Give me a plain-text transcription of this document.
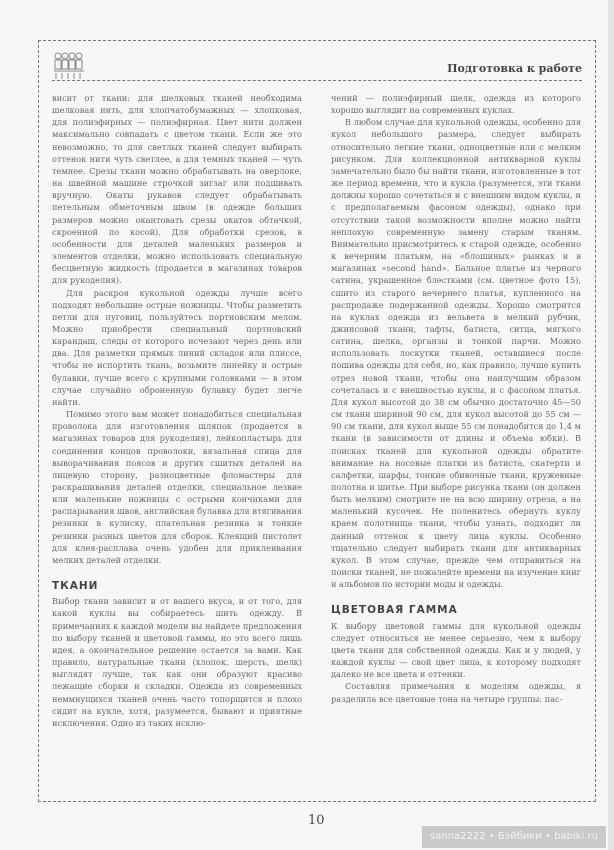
Подготовка к работе

висит от ткани: для шелковых тканей необходима шелковая нить, для хлопчатобумажных — хлопковая, для полиэфирных — полиэфирная. Цвет нити должен максимально совпадать с цветом ткани. Если же это невозможно, то для светлых тканей следует выбирать оттенок нити чуть светлее, а для темных тканей — чуть темнее. Срезы ткани можно обрабатывать на оверлоке, на швейной машине строчкой зигзаг или подшивать вручную. Окаты рукавов следует обрабатывать петельным обметочным швом (в одежде больших размеров можно окантовать срезы окатов обтачкой, скроенной по косой). Для обработки срезов, в особенности для деталей маленьких размеров и элементов отделки, можно использовать специальную бесцветную жидкость (продается в магазинах товаров для рукоделия).

Для раскроя кукольной одежды лучше всего подходят небольшие острые ножницы. Чтобы разметить петли для пуговиц, пользуйтесь портновским мелом. Можно приобрести специальный портновский карандаш, следы от которого исчезают через день или два. Для разметки прямых линий складок или плиссе, чтобы не испортить ткань, возьмите линейку и острые булавки, лучше всего с крупными головками — в этом случае случайно оброненную булавку будет легче найти.

Помимо этого вам может понадобиться специальная проволока для изготовления шляпок (продается в магазинах товаров для рукоделия), лейкопластырь для соединения концов проволоки, вязальная спица для выворачивания поясов и других сшитых деталей на лицевую сторону, разноцветные фломастеры для раскрашивания деталей отделки, специальное лезвие или маленькие ножницы с острыми кончиками для распарывания швов, английская булавка для втягивания резинки в кулиску, плательная резинка и тонкие резинки разных цветов для сборок. Клеящий пистолет для клея-расплава очень удобен для приклеивания мелких деталей отделки.

ТКАНИ

Выбор ткани зависит и от вашего вкуса, и от того, для какой куклы вы собираетесь шить одежду. В примечаниях к каждой модели вы найдете предложения по выбору тканей и цветовой гаммы, но это всего лишь идея, а окончательное решение остается за вами. Как правило, натуральные ткани (хлопок, шерсть, шелк) выглядят лучше, так как они образуют красиво лежащие сборки и складки. Одежда из современных неммнущихся тканей очень часто топорщится и плохо сидит на кукле, хотя, разумеется, бывают и приятные исключения. Одно из таких исклю-

чений — полиэфирный шелк, одежда из которого хорошо выглядит на современных куклах.

В любом случае для кукольной одежды, особенно для кукол небольшого размера, следует выбирать относительно легкие ткани, одноцветные или с мелким рисунком. Для коллекционной антикварной куклы замечательно было бы найти ткани, изготовленные в тот же период времени, что и кукла (разумеется, эти ткани должны хорошо сочетаться и с внешним видом куклы, и с предполагаемым фасоном одежды), однако при отсутствии такой возможности вполне можно найти неплохую современную замену старым тканям. Внимательно присмотритесь к старой одежде, особенно к вечерним платьям, на «блошиных» рынках и в магазинах «second hand». Бальное платье из черного сатина, украшенное блестками (см. цветное фото 15), сшито из старого вечернего платья, купленного на распродаже подержанной одежды. Хорошо смотрится на куклах одежда из вельвета в мелкий рубчик, джинсовой ткани, тафты, батиста, ситца, мягкого сатина, шелка, органзы и тонкой парчи. Можно использовать лоскутки тканей, оставшиеся после пошива одежды для себя, но, как правило, лучше купить отрез новой ткани, чтобы она наилучшим образом сочеталась и с внешностью куклы, и с фасоном платья. Для кукол высотой до 38 см обычно достаточно 45—50 см ткани шириной 90 см, для кукол высотой до 55 см — 90 см ткани, для кукол выше 55 см понадобится до 1,4 м ткани (в зависимости от длины и объема юбки). В поисках тканей для кукольной одежды обратите внимание на носовые платки из батиста, скатерти и салфетки, шарфы, тонкие обивочные ткани, кружевные полотна и шитье. При выборе рисунка ткани (он должен быть мелким) смотрите не на всю ширину отреза, а на маленький кусочек. Не поленитесь обернуть куклу краем полотнища ткани, чтобы узнать, подходит ли данный оттенок к цвету лица куклы. Особенно тщательно следует выбирать ткани для антикварных кукол. В этом случае, прежде чем отправиться на поиски тканей, не пожалейте времени на изучение книг и альбомов по истории моды и одежды.

ЦВЕТОВАЯ ГАММА

К выбору цветовой гаммы для кукольной одежды следует относиться не менее серьезно, чем к выбору цвета ткани для собственной одежды. Как и у людей, у каждой куклы — свой цвет лица, к которому подходят далеко не все цвета и оттенки.

Составляя примечания к моделям одежды, я разделила все цветовые тона на четыре группы: пас-

10
sanna2222 • Бэйбики • babiki.ru
